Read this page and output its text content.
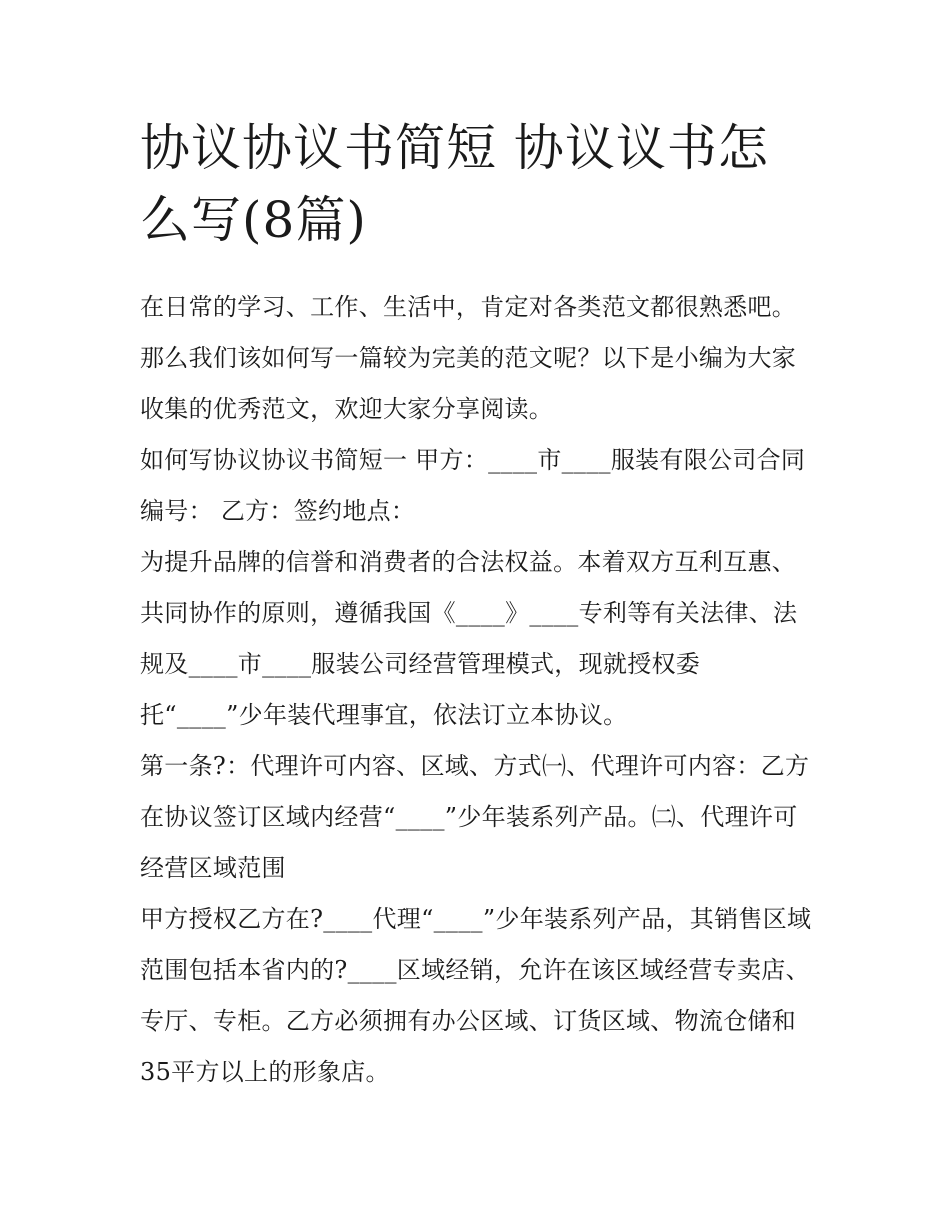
协议协议书简短 协议议书怎么写(8篇)

在日常的学习、工作、生活中，肯定对各类范文都很熟悉吧。那么我们该如何写一篇较为完美的范文呢？以下是小编为大家收集的优秀范文，欢迎大家分享阅读。

如何写协议协议书简短一 甲方：____市____服装有限公司合同编号： 乙方：签约地点：

为提升品牌的信誉和消费者的合法权益。本着双方互利互惠、共同协作的原则，遵循我国《____》____专利等有关法律、法规及____市____服装公司经营管理模式，现就授权委托“____”少年装代理事宜，依法订立本协议。

第一条?：代理许可内容、区域、方式㈠、代理许可内容：乙方在协议签订区域内经营“____”少年装系列产品。㈡、代理许可经营区域范围

甲方授权乙方在?____代理“____”少年装系列产品，其销售区域范围包括本省内的?____区域经销，允许在该区域经营专卖店、专厅、专柜。乙方必须拥有办公区域、订货区域、物流仓储和35平方以上的形象店。
